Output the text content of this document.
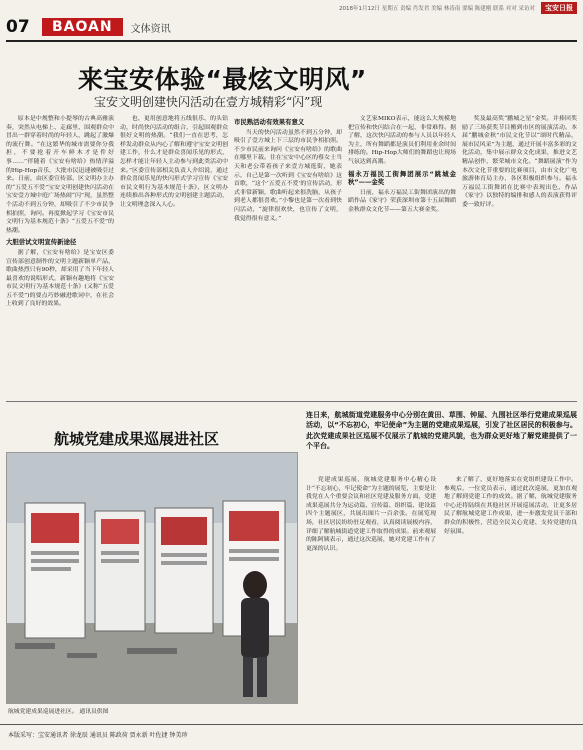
2018年1月12日 星期五 责编 肖发君 美编 林涛南 要编 陈建刚 联系 对对 采访对	宝安日报
07	BAOAN	文体资讯
来宝安体验“最炫文明风”
宝安文明创建快闪活动在壹方城精彩“闪”现

原本是中规整和小提琴的古典高雅演奏，突然从电梯上、走廊里、围观群众中冒出一群穿着时尚的年轻人，跳起了激爆的流行舞。“在这繁华的城市需要你分我担，不要抢着开车鲜木才是件好事……”伴随着《宝安有啥给》热情洋溢的Hip-Hop音乐，大批市民迅速被吸引过来。日前，由区委宣传部、区文明办主办的“五爱五不爱”宝安文明创建快闪活动在宝安壹方城中庭广场热闹“闪”现，虽然整个活动不到五分钟，却吸引了不少市民争相拍照，询问。再度掀起学习《宝安市民文明行为基本规范十条》“五爱五不爱”的热潮。

大胆尝试文明宣传新途径

据了解，《宝安有啥给》是宝安区委宣传部创意制作的文明主题新颖单产品，歌曲热烈只有90秒，却采用了当下年轻人最喜欢的说唱形式，新颖有趣地将《宝安市民文明行为基本规范十条》(又称“五爱五不爱”)的要点巧妙融进歌词中，在社会上收到了良好的效果。

也，更用创意地将五线很乐、的头钻动，时尚快闪活动的组合，引起围观群众很好文明的热潮。“我们一直在思考，怎样发动群众从内心了解和遵守宝安文明创建工作，什么才是群众喜闻乐见的形式，怎样才能让年轻人主动参与到此类活动中来。”区委宣传部相关负责人介绍说，通过群众喜闻乐见的快闪形式学习宣传《宝安市民文明行为基本规范十条》，区文明办连续推出各种形式的文明创建主题活动，让文明理念深入人心。

市民熟活动有效果有意义

当天的快闪活动虽然不到五分钟，却吸引了壹方城上下三层的市民争相拍照。不少市民前来询问《宝安有啥给》的歌曲在哪里下载。住在宝安中心区的蔡女士当天和老公带着孩子来壹方城逛街，她表示，自己是第一次听到《宝安有啥给》这首歌，“这个‘五爱五不爱’的宣传活动，形式非常新颖，歌曲听起来很洗脑，从孩子到老人都很喜欢。”小黎也是第一次看到快闪活动，“旋律很欢快，也宣传了文明，我觉得很有意义。”

文艺家MIKO表示，能这么大规模地把宣传和快闪结合在一起，非常难得。据了解，这次快闪活动的参与人员以年轻人为主，所有舞蹈都是演员们利用业余时间排练的。Hip-Hop大师们的舞蹈也让现场气氛达到高潮。

福永万福民工街舞团展示“跳城金秋”——金奖

日前，福永万福民工街舞团演出的舞蹈作品《家守》荣获深圳市第十五届舞蹈金秋群众文化节——第五大赛金奖。

奖及最高奖“鹏城之星”金奖，并捧回奖励了三场获奖节目搬到市区的展演活动。本届“鹏城金秋”市民文化节以“颂时代精品，展市民风采”为主题，通过开展丰富多彩的文化活动，集中展示群众文化成果，推进文艺精品创作，繁荣城市文化。“舞蹈展演”作为本次文化节重要的比赛项目，由市文化广电旅游体育局主办，各区积极组织参与。福永万福民工街舞团在比赛中表现出色，作品《家守》以独特的编排和感人的表演获得评委一致好评。

航城党建成果巡展进社区
连日来，航城街道党建服务中心分别在黄田、草围、钟屋、九围社区举行党建成果巡展活动，以“不忘初心，牢记使命”为主题的党建成果巡展，引发了社区居民的积极参与。此次党建成果社区巡展不仅展示了航城的党建风貌，也为群众更好地了解党建提供了一个平台。
航城党建成果巡展进社区。 通讯员供图

党建成果巡展，航城党建服务中心精心设计“不忘初心，牢记使命”为主题的展览，主要是让我党在人个重要会议和社区党建及服务方面，党建成果巡展共分为运动篇、宣传篇、组织篇、建设篇四个主题展区，共展出图片一百余张。在展览现场，社区居民纷纷驻足观看，认真阅读展板内容，详细了解航城街道党建工作取得的成果。前来观展的陈阿姨表示，通过这次巡展，她对党建工作有了更深的认识。

来了解了，更好地落实在党组织建设工作中。参观后，一位党员表示，通过此次巡展，更加直观地了解到党建工作的成效。据了解，航城党建服务中心还将陆续在其他社区开展巡展活动，让更多居民了解航城党建工作成果，进一步激发党员干部和群众的积极性，营造全民关心党建、支持党建的良好氛围。

本版采写：宝安通讯者 徐龙辰 通讯员 陈政荷 贾永新 叶佐捷 钟美珍
